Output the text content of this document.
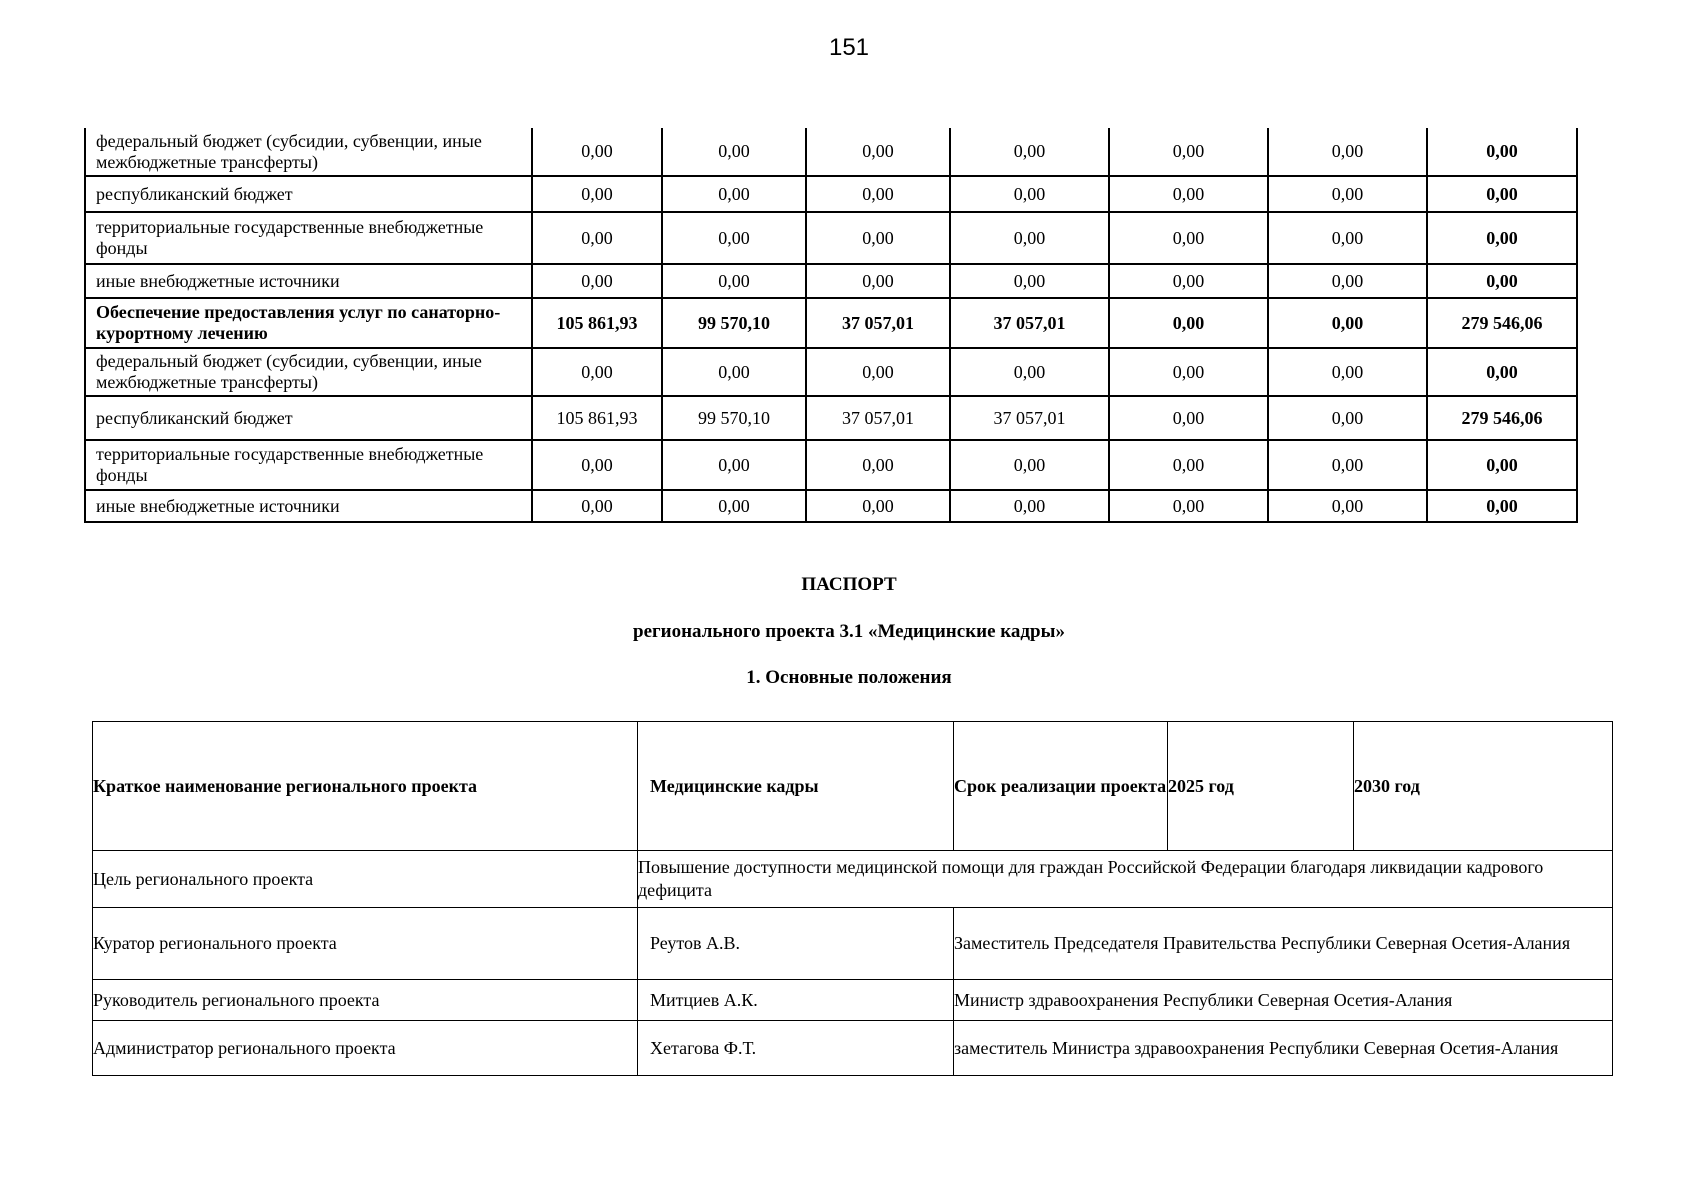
151
федеральный бюджет (субсидии, субвенции, иные межбюджетные трансферты)	0,00	0,00	0,00	0,00	0,00	0,00	0,00
республиканский бюджет	0,00	0,00	0,00	0,00	0,00	0,00	0,00
территориальные государственные внебюджетные фонды	0,00	0,00	0,00	0,00	0,00	0,00	0,00
иные внебюджетные источники	0,00	0,00	0,00	0,00	0,00	0,00	0,00
Обеспечение предоставления услуг по санаторно-курортному лечению	105 861,93	99 570,10	37 057,01	37 057,01	0,00	0,00	279 546,06
федеральный бюджет (субсидии, субвенции, иные межбюджетные трансферты)	0,00	0,00	0,00	0,00	0,00	0,00	0,00
республиканский бюджет	105 861,93	99 570,10	37 057,01	37 057,01	0,00	0,00	279 546,06
территориальные государственные внебюджетные фонды	0,00	0,00	0,00	0,00	0,00	0,00	0,00
иные внебюджетные источники	0,00	0,00	0,00	0,00	0,00	0,00	0,00
ПАСПОРТ
регионального проекта 3.1 «Медицинские кадры»
1. Основные положения
Краткое наименование регионального проекта	Медицинские кадры	Срок реализации проекта	2025 год	2030 год
Цель регионального проекта	Повышение доступности медицинской помощи для граждан Российской Федерации благодаря ликвидации кадрового дефицита			
Куратор регионального проекта	Реутов А.В.	Заместитель Председателя Правительства Республики Северная Осетия-Алания		
Руководитель регионального проекта	Митциев А.К.	Министр здравоохранения Республики Северная Осетия-Алания		
Администратор регионального проекта	Хетагова Ф.Т.	заместитель Министра здравоохранения Республики Северная Осетия-Алания		
